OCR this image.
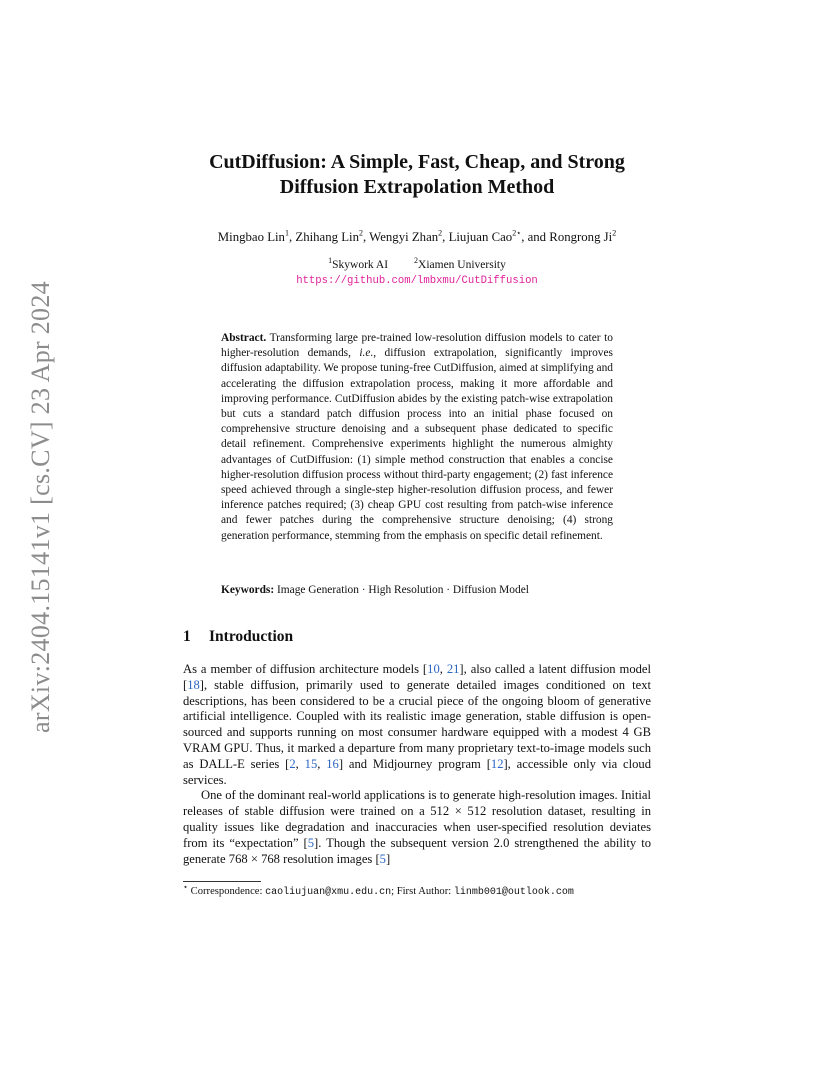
arXiv:2404.15141v1 [cs.CV] 23 Apr 2024
CutDiffusion: A Simple, Fast, Cheap, and Strong
Diffusion Extrapolation Method
Mingbao Lin$^1$, Zhihang Lin$^2$, Wengyi Zhan$^2$, Liujuan Cao$^{2⋆}$, and Rongrong Ji$^2$
$^1$Skywork AI	$^2$Xiamen University
https://github.com/lmbxmu/CutDiffusion
Abstract. Transforming large pre-trained low-resolution diffusion models to cater to higher-resolution demands, i.e., diffusion extrapolation, significantly improves diffusion adaptability. We propose tuning-free CutDiffusion, aimed at simplifying and accelerating the diffusion extrapolation process, making it more affordable and improving performance. CutDiffusion abides by the existing patch-wise extrapolation but cuts a standard patch diffusion process into an initial phase focused on comprehensive structure denoising and a subsequent phase dedicated to specific detail refinement. Comprehensive experiments highlight the numerous almighty advantages of CutDiffusion: (1) simple method construction that enables a concise higher-resolution diffusion process without third-party engagement; (2) fast inference speed achieved through a single-step higher-resolution diffusion process, and fewer inference patches required; (3) cheap GPU cost resulting from patch-wise inference and fewer patches during the comprehensive structure denoising; (4) strong generation performance, stemming from the emphasis on specific detail refinement.
Keywords: Image Generation · High Resolution · Diffusion Model
1 Introduction

As a member of diffusion architecture models [10, 21], also called a latent diffusion model [18], stable diffusion, primarily used to generate detailed images conditioned on text descriptions, has been considered to be a crucial piece of the ongoing bloom of generative artificial intelligence. Coupled with its realistic image generation, stable diffusion is open-sourced and supports running on most consumer hardware equipped with a modest 4 GB VRAM GPU. Thus, it marked a departure from many proprietary text-to-image models such as DALL-E series [2, 15, 16] and Midjourney program [12], accessible only via cloud services.

One of the dominant real-world applications is to generate high-resolution images. Initial releases of stable diffusion were trained on a 512 × 512 resolution dataset, resulting in quality issues like degradation and inaccuracies when user-specified resolution deviates from its “expectation” [5]. Though the subsequent version 2.0 strengthened the ability to generate 768 × 768 resolution images [5]

⋆ Correspondence: caoliujuan@xmu.edu.cn; First Author: linmb001@outlook.com
